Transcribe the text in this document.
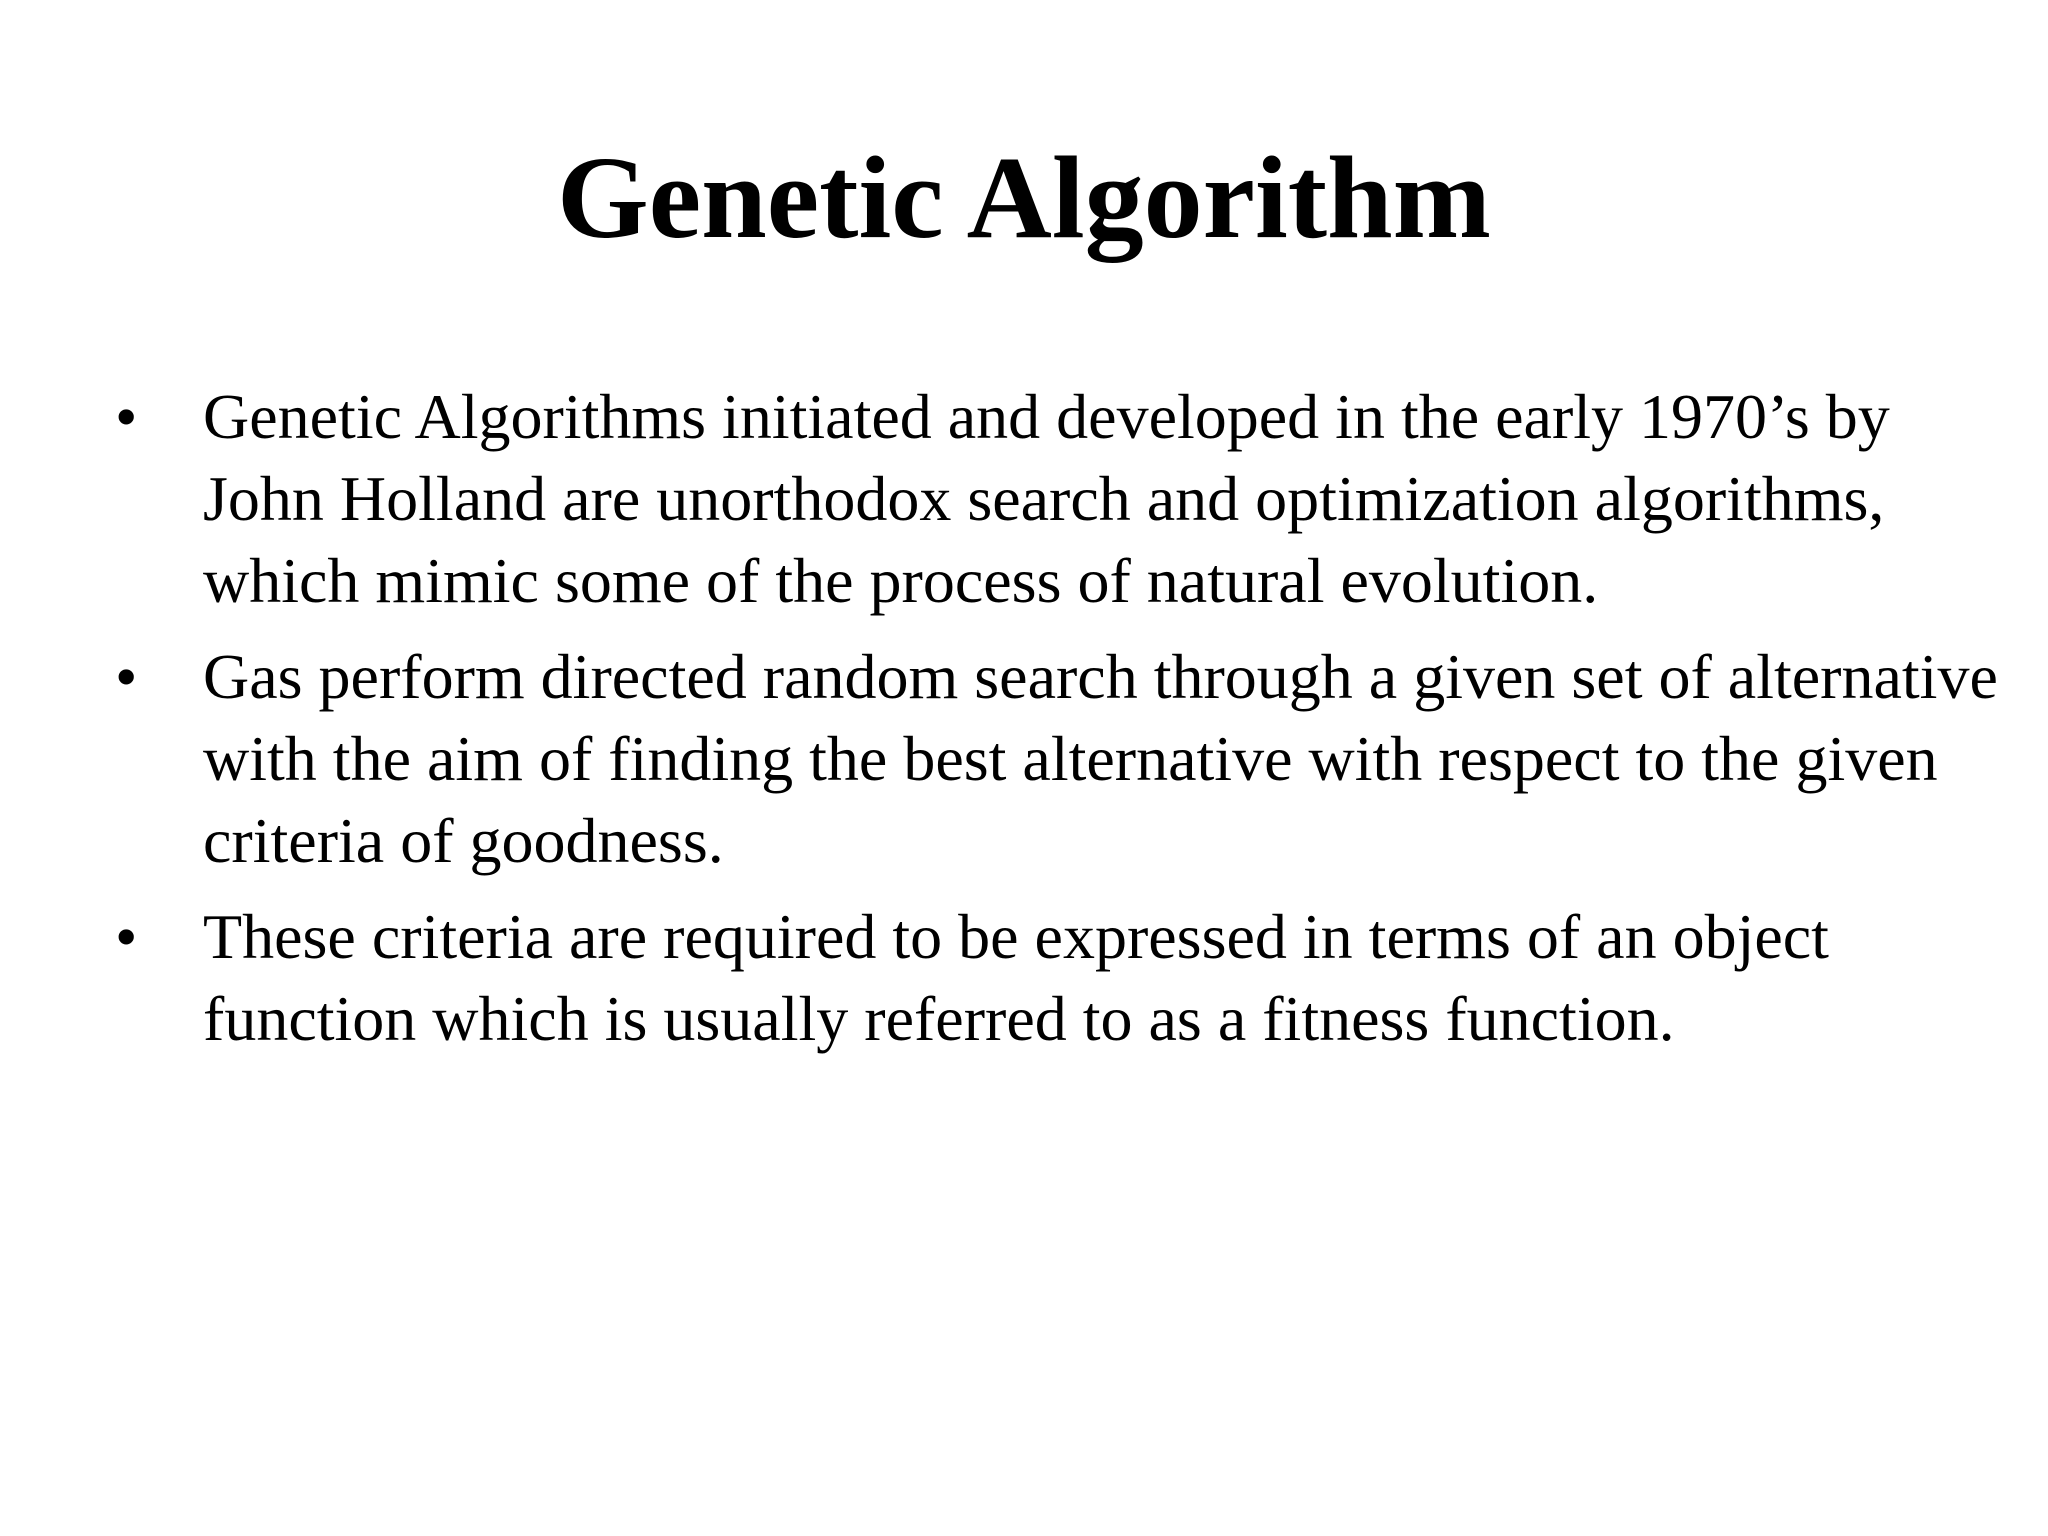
Genetic Algorithm
•	Genetic Algorithms initiated and developed in the early 1970’s by John Holland are unorthodox search and optimization algorithms, which mimic some of the process of natural evolution.
•	Gas perform directed random search through a given set of alternative with the aim of finding the best alternative with respect to the given criteria of goodness.
•	These criteria are required to be expressed in terms of an object function which is usually referred to as a fitness function.
